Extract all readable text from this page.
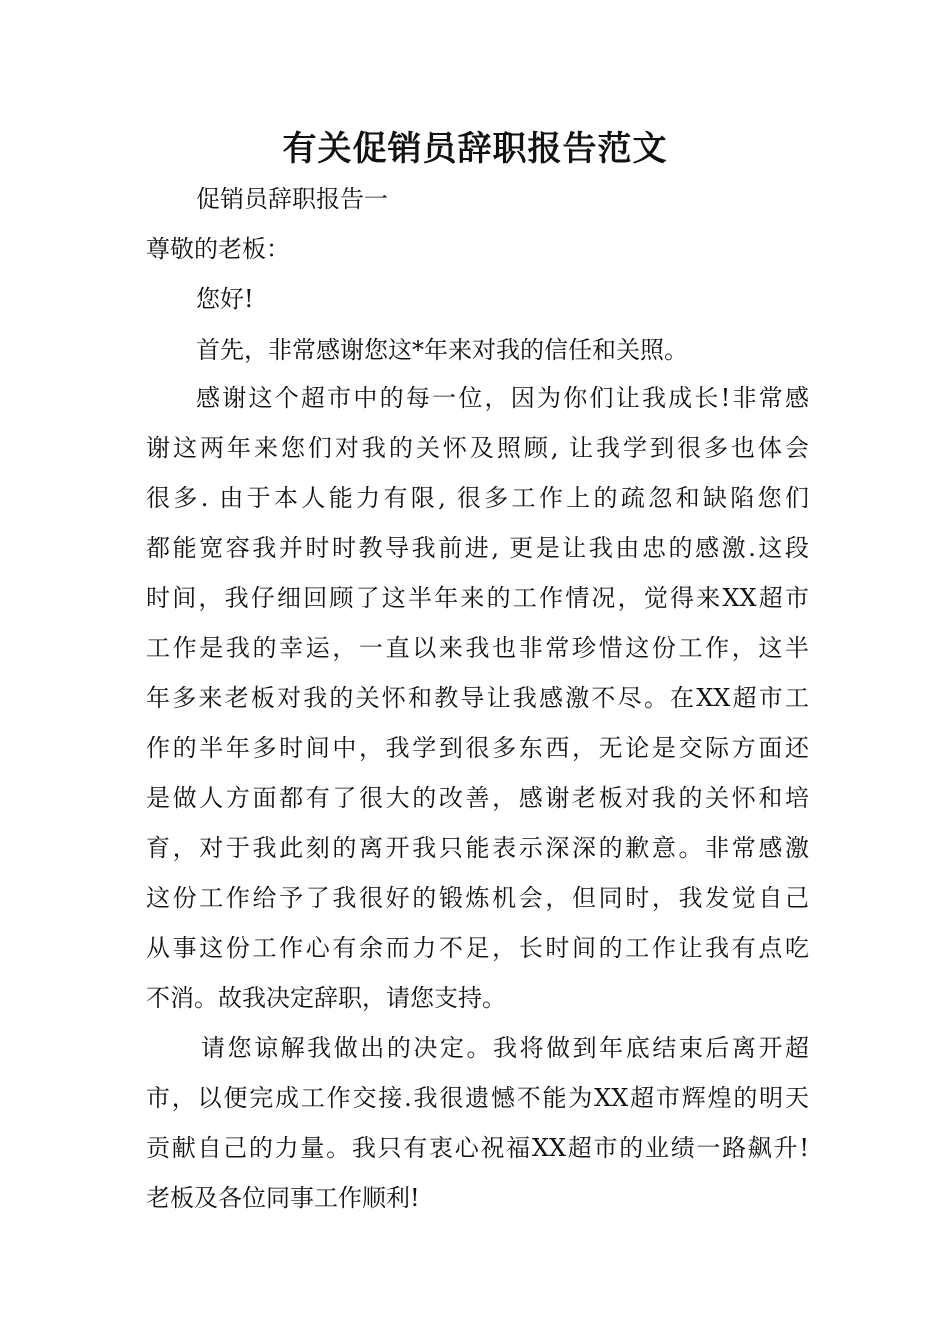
有关促销员辞职报告范文

促销员辞职报告一

尊敬的老板：

您好!

首先，非常感谢您这*年来对我的信任和关照。

感谢这个超市中的每一位，因为你们让我成长!非常感

谢这两年来您们对我的关怀及照顾, 让我学到很多也体会

很多. 由于本人能力有限, 很多工作上的疏忽和缺陷您们

都能宽容我并时时教导我前进, 更是让我由忠的感激.这段

时间，我仔细回顾了这半年来的工作情况，觉得来XX超市

工作是我的幸运，一直以来我也非常珍惜这份工作，这半

年多来老板对我的关怀和教导让我感激不尽。在XX超市工

作的半年多时间中，我学到很多东西，无论是交际方面还

是做人方面都有了很大的改善，感谢老板对我的关怀和培

育，对于我此刻的离开我只能表示深深的歉意。非常感激

这份工作给予了我很好的锻炼机会，但同时，我发觉自己

从事这份工作心有余而力不足，长时间的工作让我有点吃

不消。故我决定辞职，请您支持。

请您谅解我做出的决定。我将做到年底结束后离开超

市，以便完成工作交接.我很遗憾不能为XX超市辉煌的明天

贡献自己的力量。我只有衷心祝福XX超市的业绩一路飙升!

老板及各位同事工作顺利!
